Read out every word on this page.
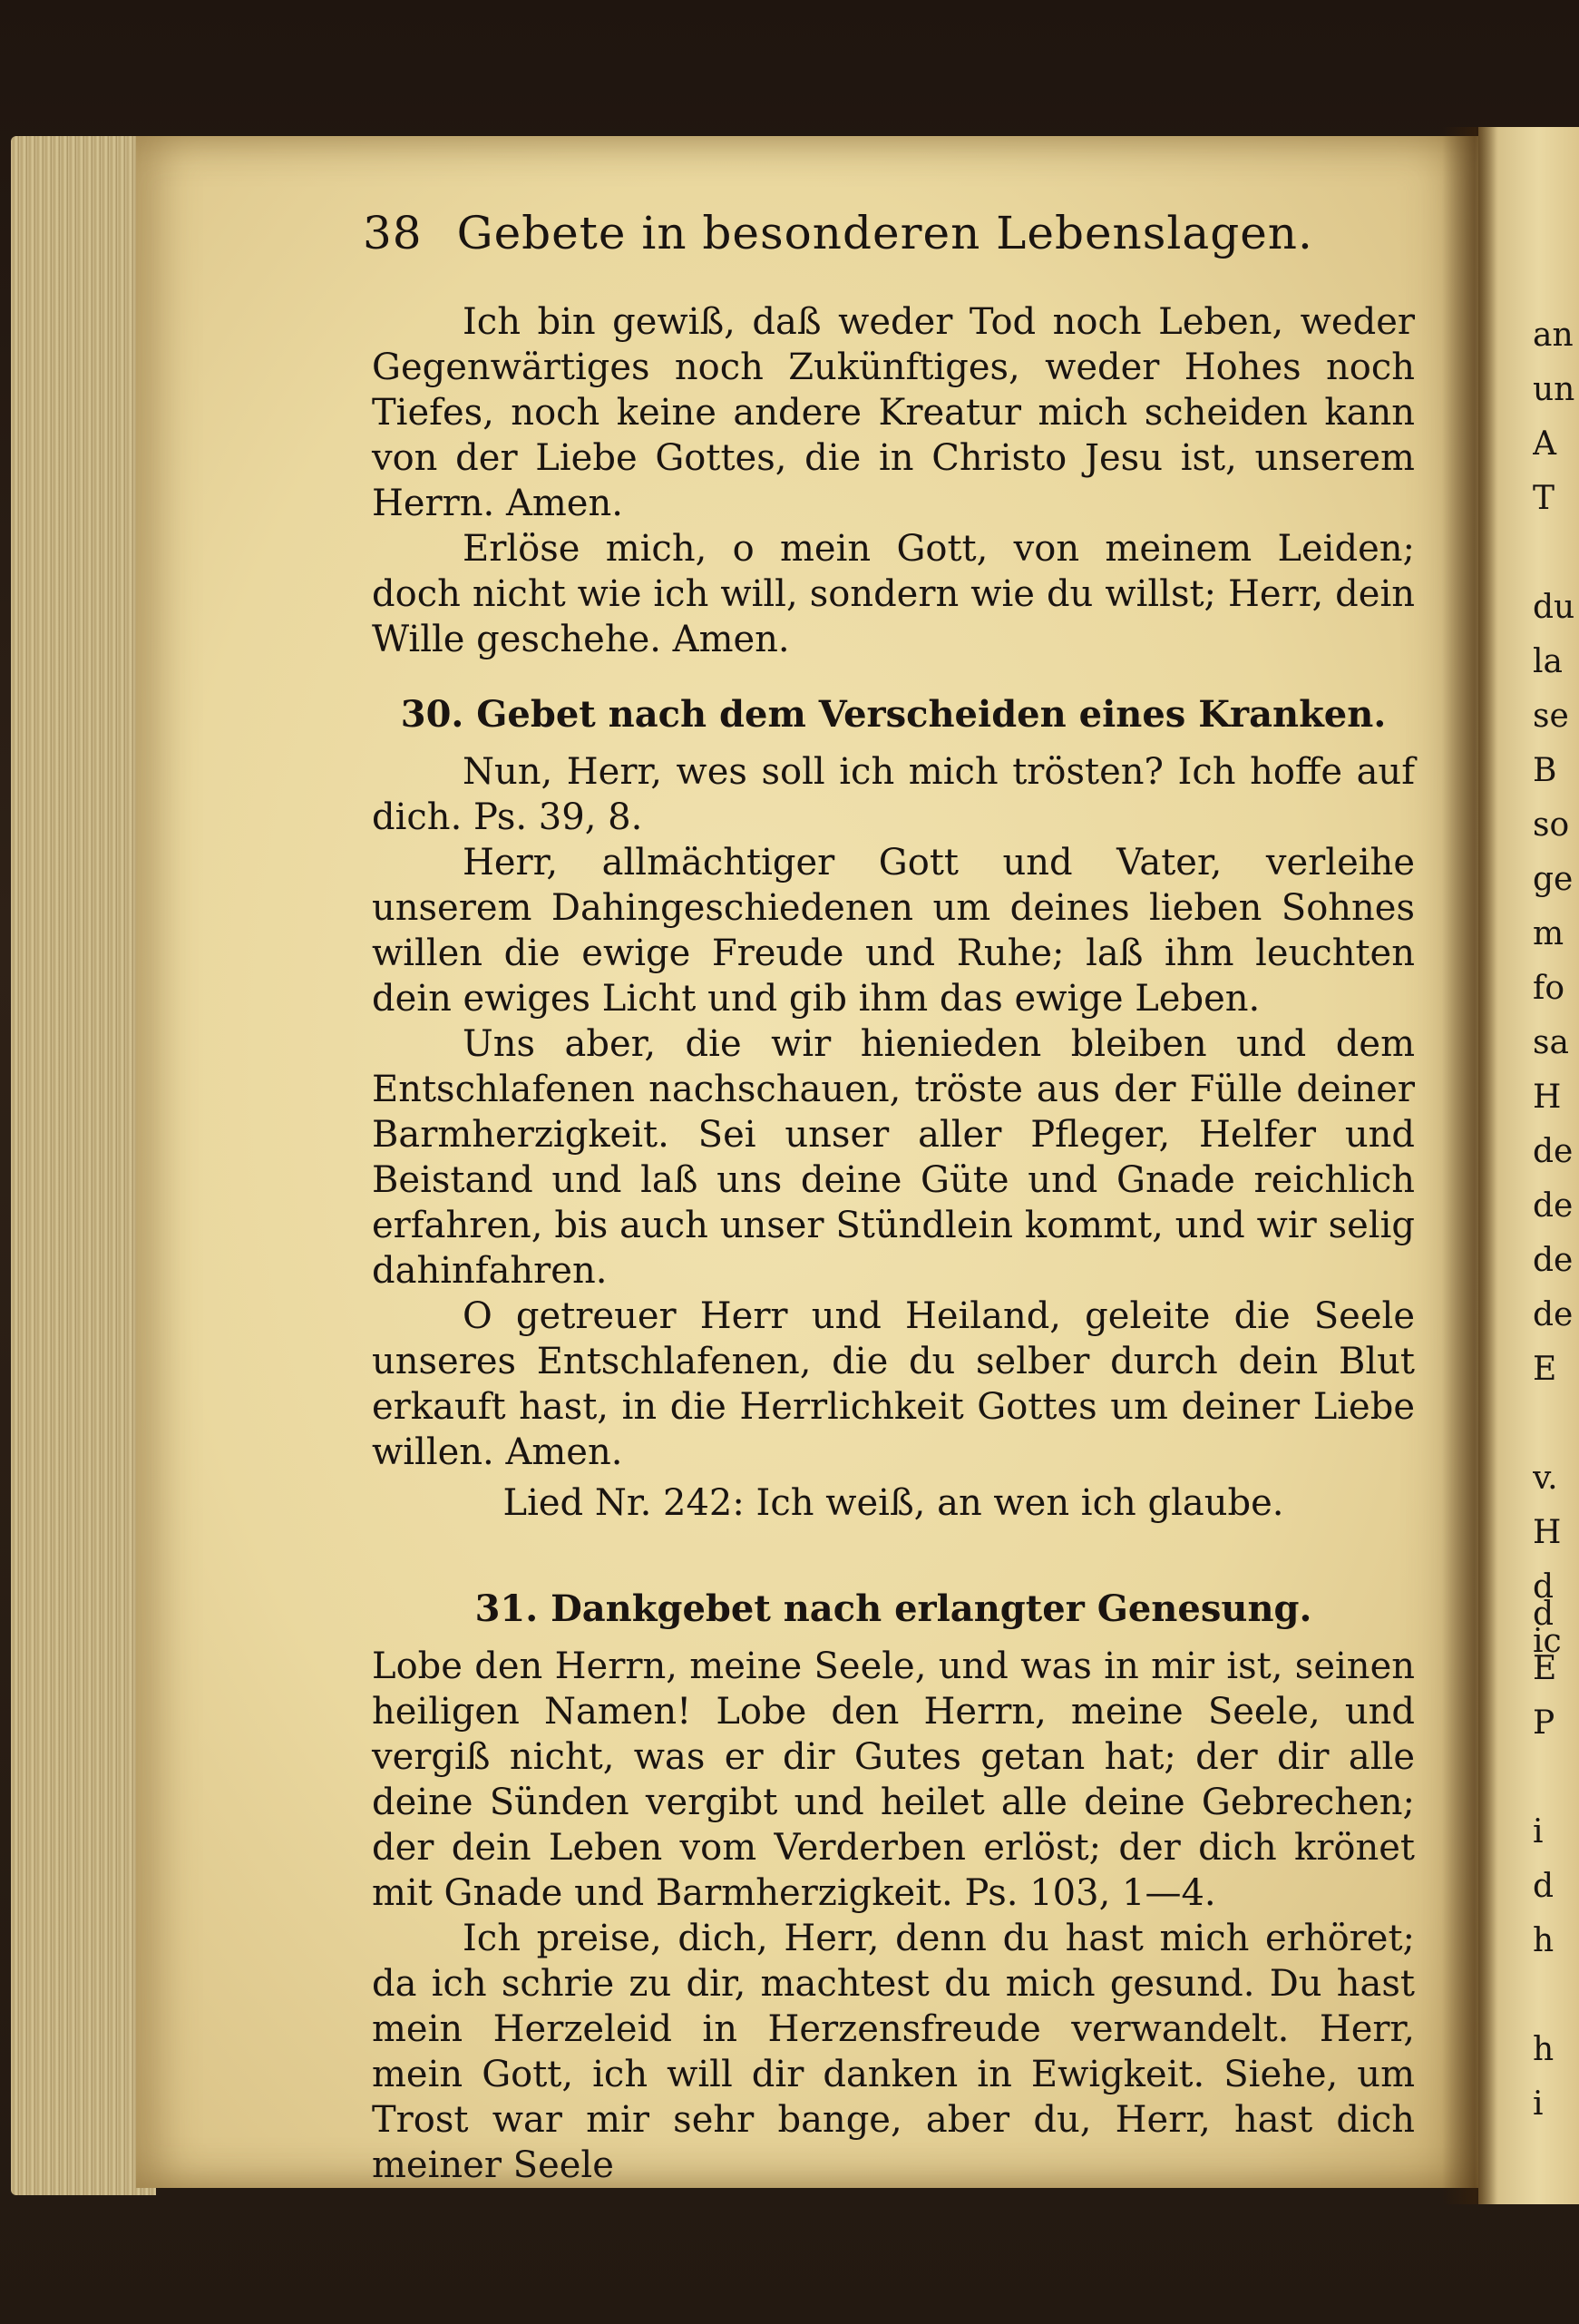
38 Gebete in besonderen Lebenslagen.

Ich bin gewiß, daß weder Tod noch Leben, weder Gegenwärtiges noch Zukünftiges, weder Hohes noch Tiefes, noch keine andere Kreatur mich scheiden kann von der Liebe Gottes, die in Christo Jesu ist, unserem Herrn. Amen.

Erlöse mich, o mein Gott, von meinem Leiden; doch nicht wie ich will, sondern wie du willst; Herr, dein Wille geschehe. Amen.

30. Gebet nach dem Verscheiden eines Kranken.

Nun, Herr, wes soll ich mich trösten? Ich hoffe auf dich. Ps. 39, 8.

Herr, allmächtiger Gott und Vater, verleihe unserem Dahingeschiedenen um deines lieben Sohnes willen die ewige Freude und Ruhe; laß ihm leuchten dein ewiges Licht und gib ihm das ewige Leben.

Uns aber, die wir hienieden bleiben und dem Entschlafenen nachschauen, tröste aus der Fülle deiner Barmherzigkeit. Sei unser aller Pfleger, Helfer und Beistand und laß uns deine Güte und Gnade reichlich erfahren, bis auch unser Stündlein kommt, und wir selig dahinfahren.

O getreuer Herr und Heiland, geleite die Seele unseres Entschlafenen, die du selber durch dein Blut erkauft hast, in die Herrlichkeit Gottes um deiner Liebe willen. Amen.

Lied Nr. 242: Ich weiß, an wen ich glaube.

31. Dankgebet nach erlangter Genesung.

Lobe den Herrn, meine Seele, und was in mir ist, seinen heiligen Namen! Lobe den Herrn, meine Seele, und vergiß nicht, was er dir Gutes getan hat; der dir alle deine Sünden vergibt und heilet alle deine Gebrechen; der dein Leben vom Verderben erlöst; der dich krönet mit Gnade und Barmherzigkeit. Ps. 103, 1—4.

Ich preise, dich, Herr, denn du hast mich erhöret; da ich schrie zu dir, machtest du mich gesund. Du hast mein Herzeleid in Herzensfreude verwandelt. Herr, mein Gott, ich will dir danken in Ewigkeit. Siehe, um Trost war mir sehr bange, aber du, Herr, hast dich meiner Seele

an
un
A
T
du
la
se
B
so
ge
m
fo
sa
H
de
de
de
de
E
v.
H
d
ic
d
E
P
i
d
h
h
i
